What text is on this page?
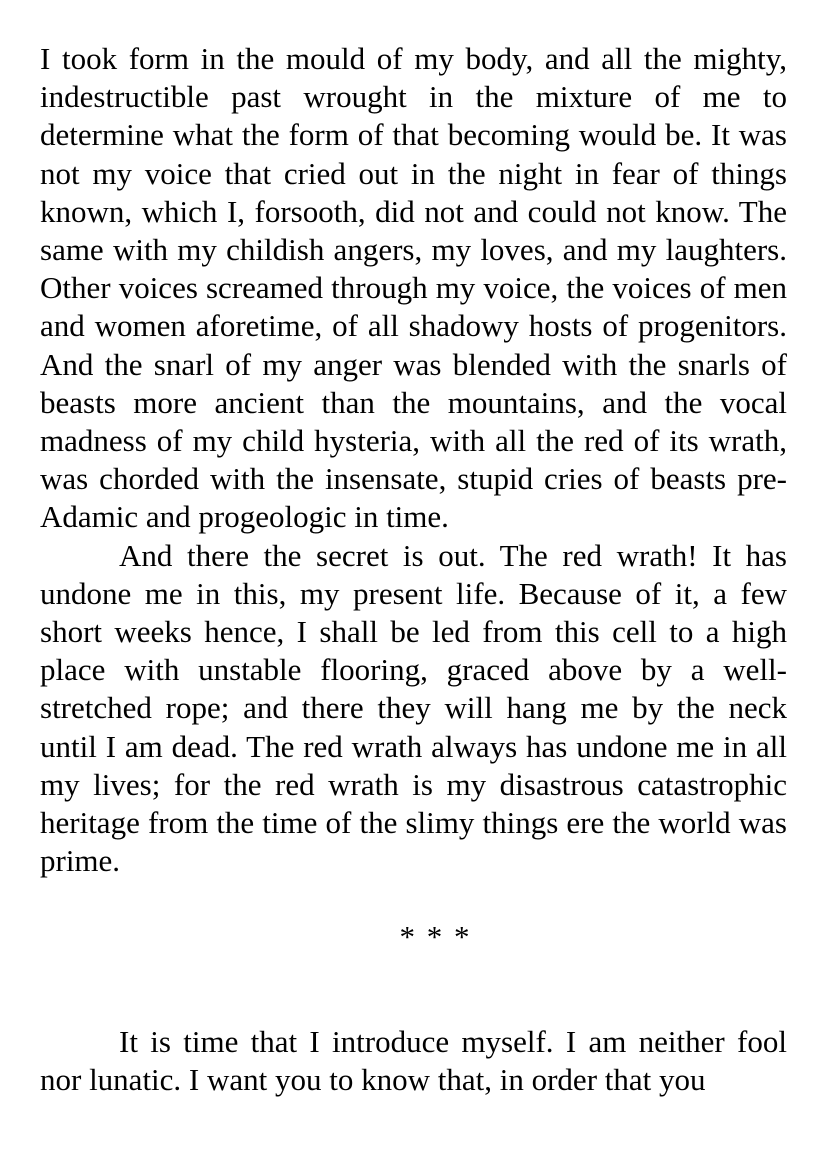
I took form in the mould of my body, and all the mighty, indestructible past wrought in the mixture of me to determine what the form of that becoming would be. It was not my voice that cried out in the night in fear of things known, which I, forsooth, did not and could not know. The same with my childish angers, my loves, and my laughters. Other voices screamed through my voice, the voices of men and women aforetime, of all shadowy hosts of progenitors. And the snarl of my anger was blended with the snarls of beasts more ancient than the mountains, and the vocal madness of my child hysteria, with all the red of its wrath, was chorded with the insensate, stupid cries of beasts pre-Adamic and progeologic in time.

And there the secret is out. The red wrath! It has undone me in this, my present life. Because of it, a few short weeks hence, I shall be led from this cell to a high place with unstable flooring, graced above by a well-stretched rope; and there they will hang me by the neck until I am dead. The red wrath always has undone me in all my lives; for the red wrath is my disastrous catastrophic heritage from the time of the slimy things ere the world was prime.

* * *

It is time that I introduce myself. I am neither fool nor lunatic. I want you to know that, in order that you
